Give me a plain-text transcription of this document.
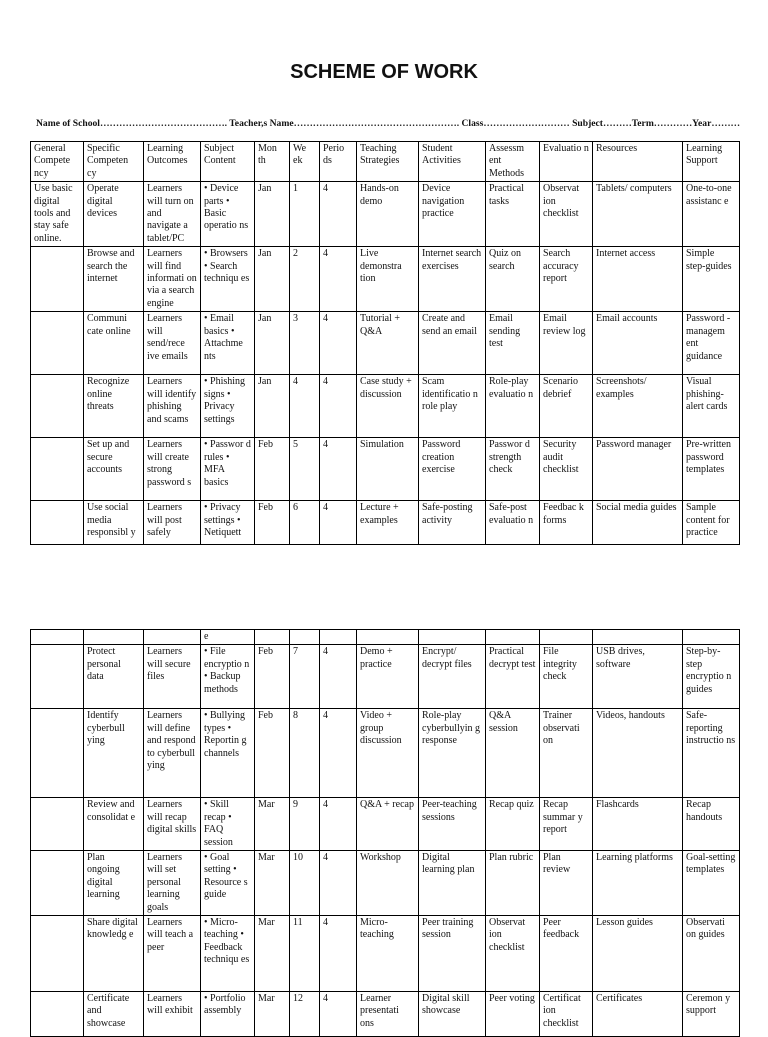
SCHEME OF WORK
Name of School…………………………………. Teacher,s Name……………………………………………. Class……………………… Subject………Term…………Year………
General Compete ncy	Specific Competen cy	Learning Outcomes	Subject Content	Mon th	We ek	Perio ds	Teaching Strategies	Student Activities	Assessm ent Methods	Evaluatio n	Resources	Learning Support
Use basic digital tools and stay safe online.	Operate digital devices	Learners will turn on and navigate a tablet/PC	• Device parts • Basic operatio ns	Jan	1	4	Hands-on demo	Device navigation practice	Practical tasks	Observat ion checklist	Tablets/ computers	One-to-one assistanc e
	Browse and search the internet	Learners will find informati on via a search engine	• Browsers • Search techniqu es	Jan	2	4	Live demonstra tion	Internet search exercises	Quiz on search	Search accuracy report	Internet access	Simple step-guides
	Communi cate online	Learners will send/rece ive emails	• Email basics • Attachme nts	Jan	3	4	Tutorial + Q&A	Create and send an email	Email sending test	Email review log	Email accounts	Password - managem ent guidance
	Recognize online threats	Learners will identify phishing and scams	• Phishing signs • Privacy settings	Jan	4	4	Case study + discussion	Scam identificatio n role play	Role-play evaluatio n	Scenario debrief	Screenshots/ examples	Visual phishing-alert cards
	Set up and secure accounts	Learners will create strong password s	• Passwor d rules • MFA basics	Feb	5	4	Simulation	Password creation exercise	Passwor d strength check	Security audit checklist	Password manager	Pre-written password templates
	Use social media responsibl y	Learners will post safely	• Privacy settings • Netiquett	Feb	6	4	Lecture + examples	Safe-posting activity	Safe-post evaluatio n	Feedbac k forms	Social media guides	Sample content for practice
			e									
	Protect personal data	Learners will secure files	• File encryptio n • Backup methods	Feb	7	4	Demo + practice	Encrypt/ decrypt files	Practical decrypt test	File integrity check	USB drives, software	Step-by-step encryptio n guides
	Identify cyberbull ying	Learners will define and respond to cyberbull ying	• Bullying types • Reportin g channels	Feb	8	4	Video + group discussion	Role-play cyberbullyin g response	Q&A session	Trainer observati on	Videos, handouts	Safe-reporting instructio ns
	Review and consolidat e	Learners will recap digital skills	• Skill recap • FAQ session	Mar	9	4	Q&A + recap	Peer-teaching sessions	Recap quiz	Recap summar y report	Flashcards	Recap handouts
	Plan ongoing digital learning	Learners will set personal learning goals	• Goal setting • Resource s guide	Mar	10	4	Workshop	Digital learning plan	Plan rubric	Plan review	Learning platforms	Goal-setting templates
	Share digital knowledg e	Learners will teach a peer	• Micro-teaching • Feedback techniqu es	Mar	11	4	Micro-teaching	Peer training session	Observat ion checklist	Peer feedback	Lesson guides	Observati on guides
	Certificate and showcase	Learners will exhibit	• Portfolio assembly	Mar	12	4	Learner presentati ons	Digital skill showcase	Peer voting	Certificat ion checklist	Certificates	Ceremon y support
